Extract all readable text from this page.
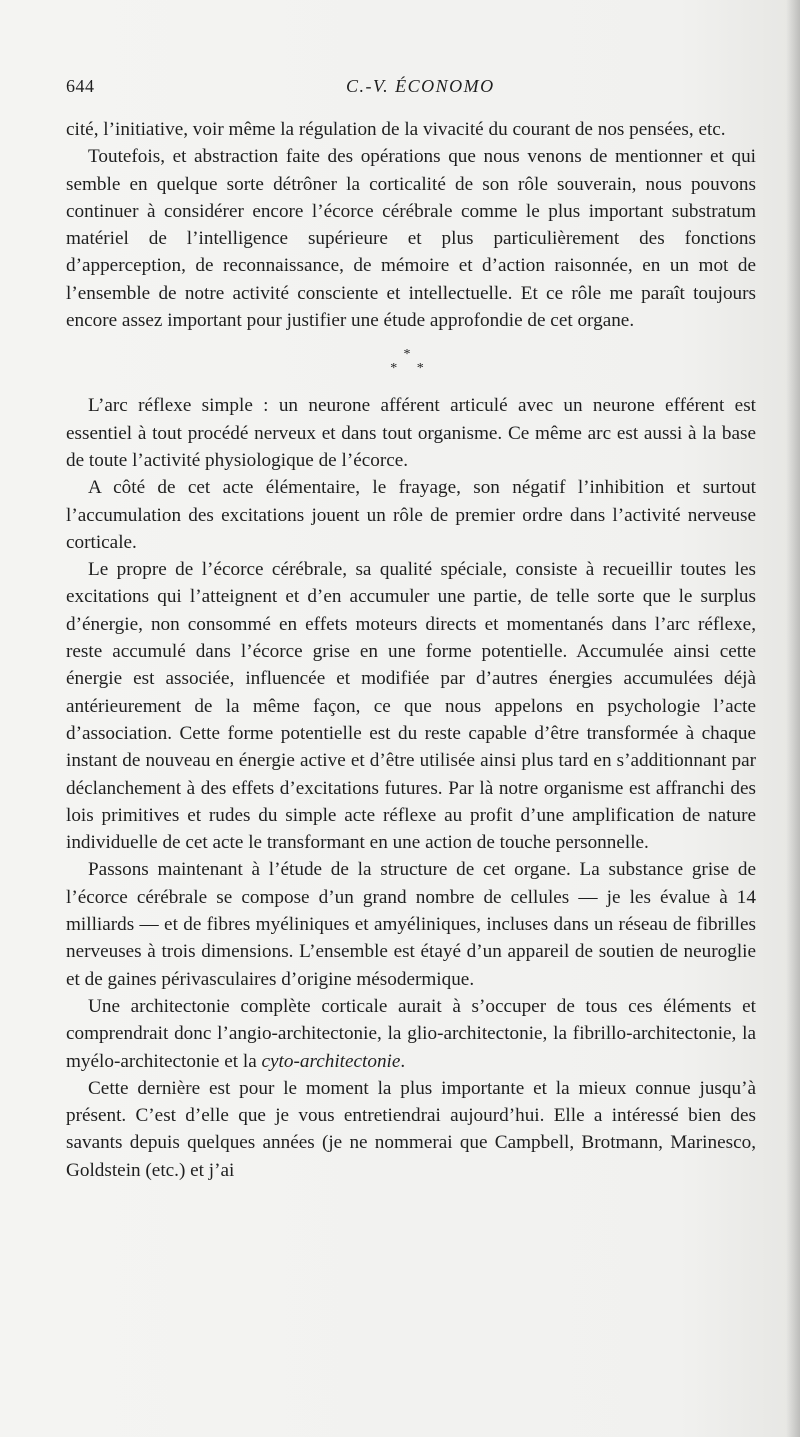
644	C.-V. ÉCONOMO

cité, l’initiative, voir même la régulation de la vivacité du courant de nos pensées, etc.

Toutefois, et abstraction faite des opérations que nous venons de mentionner et qui semble en quelque sorte détrôner la corticalité de son rôle souverain, nous pouvons continuer à considérer encore l’écorce cérébrale comme le plus important substratum matériel de l’intelligence supérieure et plus particulièrement des fonctions d’apperception, de reconnaissance, de mémoire et d’action raisonnée, en un mot de l’ensemble de notre activité consciente et intellectuelle. Et ce rôle me paraît toujours encore assez important pour justifier une étude approfondie de cet organe.

*
* *

L’arc réflexe simple : un neurone afférent articulé avec un neurone efférent est essentiel à tout procédé nerveux et dans tout organisme. Ce même arc est aussi à la base de toute l’activité physiologique de l’écorce.

A côté de cet acte élémentaire, le frayage, son négatif l’inhibition et surtout l’accumulation des excitations jouent un rôle de premier ordre dans l’activité nerveuse corticale.

Le propre de l’écorce cérébrale, sa qualité spéciale, consiste à recueillir toutes les excitations qui l’atteignent et d’en accumuler une partie, de telle sorte que le surplus d’énergie, non consommé en effets moteurs directs et momentanés dans l’arc réflexe, reste accumulé dans l’écorce grise en une forme potentielle. Accumulée ainsi cette énergie est associée, influencée et modifiée par d’autres énergies accumulées déjà antérieurement de la même façon, ce que nous appelons en psychologie l’acte d’association. Cette forme potentielle est du reste capable d’être transformée à chaque instant de nouveau en énergie active et d’être utilisée ainsi plus tard en s’additionnant par déclanchement à des effets d’excitations futures. Par là notre organisme est affranchi des lois primitives et rudes du simple acte réflexe au profit d’une amplification de nature individuelle de cet acte le transformant en une action de touche personnelle.

Passons maintenant à l’étude de la structure de cet organe. La substance grise de l’écorce cérébrale se compose d’un grand nombre de cellules — je les évalue à 14 milliards — et de fibres myéliniques et amyéliniques, incluses dans un réseau de fibrilles nerveuses à trois dimensions. L’ensemble est étayé d’un appareil de soutien de neuroglie et de gaines périvasculaires d’origine mésodermique.

Une architectonie complète corticale aurait à s’occuper de tous ces éléments et comprendrait donc l’angio-architectonie, la glio-architectonie, la fibrillo-architectonie, la myélo-architectonie et la cyto-architectonie.

Cette dernière est pour le moment la plus importante et la mieux connue jusqu’à présent. C’est d’elle que je vous entretiendrai aujourd’hui. Elle a intéressé bien des savants depuis quelques années (je ne nommerai que Campbell, Brotmann, Marinesco, Goldstein (etc.) et j’ai
